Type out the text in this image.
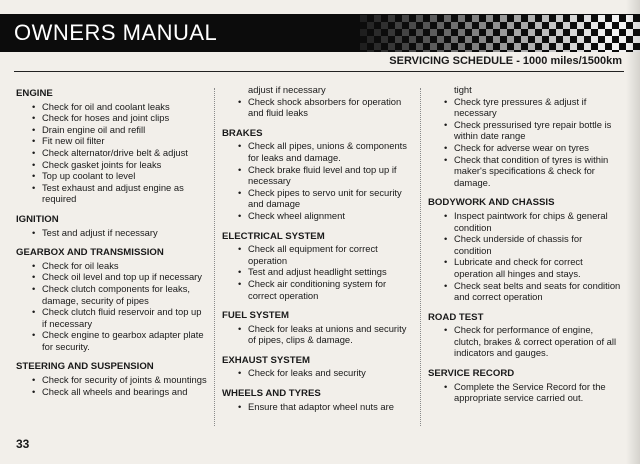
OWNERS MANUAL
SERVICING SCHEDULE - 1000 miles/1500km
ENGINE
• Check for oil and coolant leaks
• Check for hoses and joint clips
• Drain engine oil and refill
• Fit new oil filter
• Check alternator/drive belt & adjust
• Check gasket joints for leaks
• Top up coolant to level
• Test exhaust and adjust engine as required
IGNITION
• Test and adjust if necessary
GEARBOX AND TRANSMISSION
• Check for oil leaks
• Check oil level and top up if necessary
• Check clutch components for leaks, damage, security of pipes
• Check clutch fluid reservoir and top up if necessary
• Check engine to gearbox adapter plate for security.
STEERING AND SUSPENSION
• Check for security of joints & mountings
• Check all wheels and bearings and
adjust if necessary
• Check shock absorbers for operation and fluid leaks
BRAKES
• Check all pipes, unions & components for leaks and damage.
• Check brake fluid level and top up if necessary
• Check pipes to servo unit for security and damage
• Check wheel alignment
ELECTRICAL SYSTEM
• Check all equipment for correct operation
• Test and adjust headlight settings
• Check air conditioning system for correct operation
FUEL SYSTEM
• Check for leaks at unions and security of pipes, clips & damage.
EXHAUST SYSTEM
• Check for leaks and security
WHEELS AND TYRES
• Ensure that adaptor wheel nuts are
tight
• Check tyre pressures & adjust if necessary
• Check pressurised tyre repair bottle is within date range
• Check for adverse wear on tyres
• Check that condition of tyres is within maker's specifications & check for damage.
BODYWORK AND CHASSIS
• Inspect paintwork for chips & general condition
• Check underside of chassis for condition
• Lubricate and check for correct operation all hinges and stays.
• Check seat belts and seats for condition and correct operation
ROAD TEST
• Check for performance of engine, clutch, brakes & correct operation of all indicators and gauges.
SERVICE RECORD
• Complete the Service Record for the appropriate service carried out.
33
